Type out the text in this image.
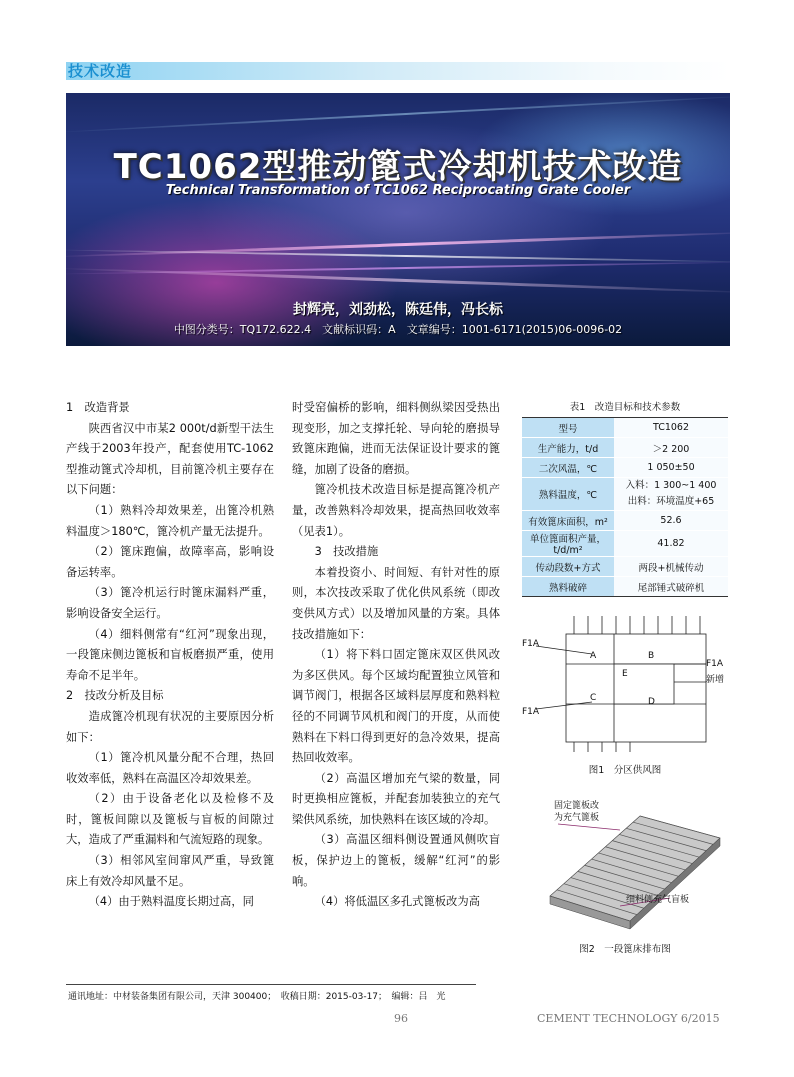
技术改造
TC1062型推动篦式冷却机技术改造
Technical Transformation of TC1062 Reciprocating Grate Cooler
封辉亮，刘劲松，陈廷伟，冯长标
中图分类号：TQ172.622.4　文献标识码：A　文章编号：1001-6171(2015)06-0096-02

1　改造背景

陕西省汉中市某2 000t/d新型干法生产线于2003年投产，配套使用TC-1062型推动篦式冷却机，目前篦冷机主要存在以下问题：

（1）熟料冷却效果差，出篦冷机熟料温度＞180℃，篦冷机产量无法提升。

（2）篦床跑偏，故障率高，影响设备运转率。

（3）篦冷机运行时篦床漏料严重，影响设备安全运行。

（4）细料侧常有“红河”现象出现，一段篦床侧边篦板和盲板磨损严重，使用寿命不足半年。

2　技改分析及目标

造成篦冷机现有状况的主要原因分析如下：

（1）篦冷机风量分配不合理，热回收效率低，熟料在高温区冷却效果差。

（2）由于设备老化以及检修不及时，篦板间隙以及篦板与盲板的间隙过大，造成了严重漏料和气流短路的现象。

（3）相邻风室间窜风严重，导致篦床上有效冷却风量不足。

（4）由于熟料温度长期过高，同

时受窑偏桥的影响，细料侧纵梁因受热出现变形，加之支撑托轮、导向轮的磨损导致篦床跑偏，进而无法保证设计要求的篦缝，加剧了设备的磨损。

篦冷机技术改造目标是提高篦冷机产量，改善熟料冷却效果，提高热回收效率（见表1）。

3　技改措施

本着投资小、时间短、有针对性的原则，本次技改采取了优化供风系统（即改变供风方式）以及增加风量的方案。具体技改措施如下：

（1）将下料口固定篦床双区供风改为多区供风。每个区域均配置独立风管和调节阀门，根据各区域料层厚度和熟料粒径的不同调节风机和阀门的开度，从而使熟料在下料口得到更好的急冷效果，提高热回收效率。

（2）高温区增加充气梁的数量，同时更换相应篦板，并配套加装独立的充气梁供风系统，加快熟料在该区域的冷却。

（3）高温区细料侧设置通风侧吹盲板，保护边上的篦板，缓解“红河”的影响。

（4）将低温区多孔式篦板改为高

表1　改造目标和技术参数
型号	TC1062
生产能力，t/d	＞2 200
二次风温，℃	1 050±50
熟料温度，℃	入料：1 300~1 400
出料：环境温度+65

有效篦床面积，m²	52.6
单位篦面积产量，t/d/m²	41.82
传动段数+方式	两段+机械传动
熟料破碎	尾部锤式破碎机
F1A
F1A
F1A
新增
A	B
C	D
E
图1　分区供风图
固定篦板改
为充气篦板
细料侧充气盲板
图2　一段篦床排布图
通讯地址：中材装备集团有限公司，天津 300400；　收稿日期：2015-03-17；　编辑：吕　光
96	CEMENT TECHNOLOGY 6/2015
